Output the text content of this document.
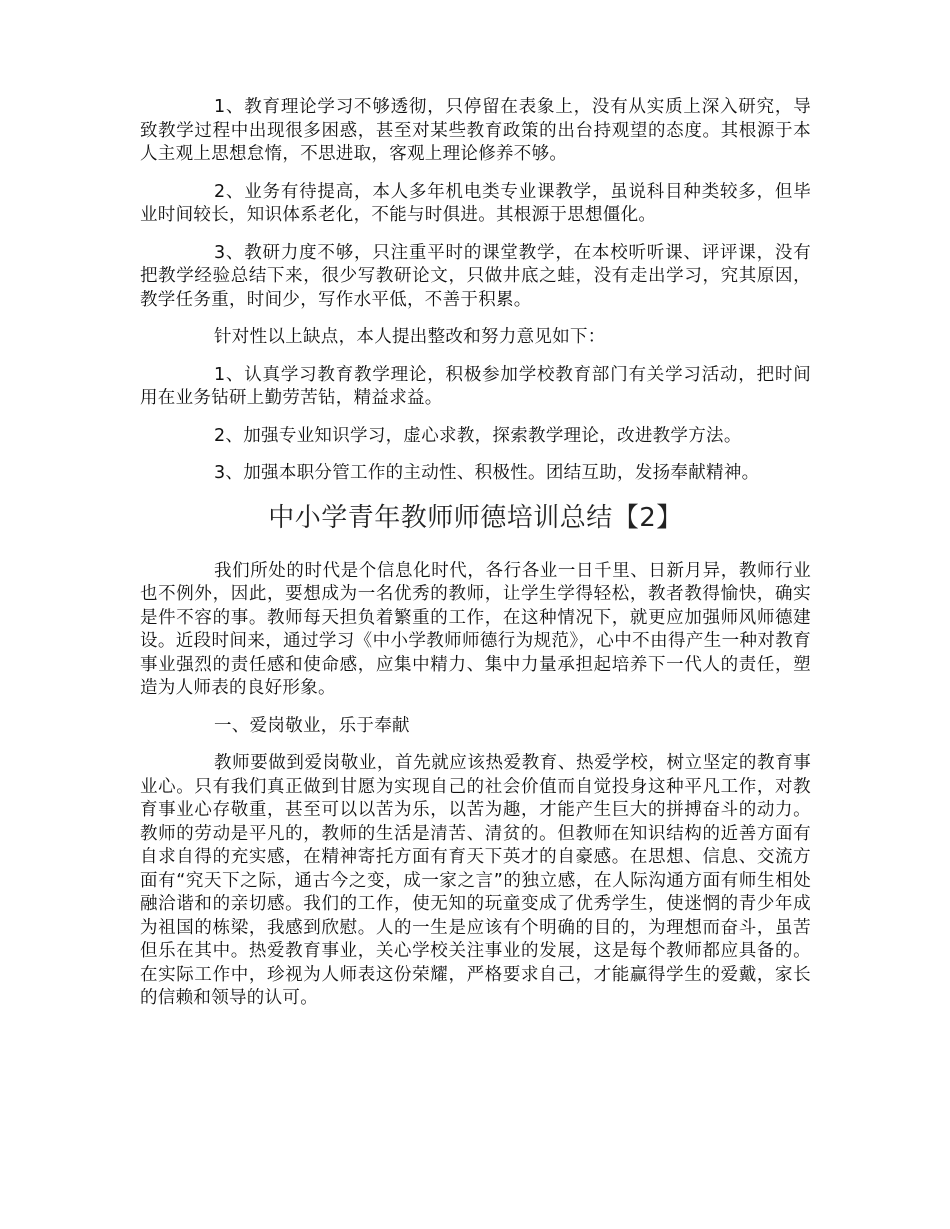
1、教育理论学习不够透彻，只停留在表象上，没有从实质上深入研究，导致教学过程中出现很多困惑，甚至对某些教育政策的出台持观望的态度。其根源于本人主观上思想怠惰，不思进取，客观上理论修养不够。

2、业务有待提高，本人多年机电类专业课教学，虽说科目种类较多，但毕业时间较长，知识体系老化，不能与时俱进。其根源于思想僵化。

3、教研力度不够，只注重平时的课堂教学，在本校听听课、评评课，没有把教学经验总结下来，很少写教研论文，只做井底之蛙，没有走出学习，究其原因，教学任务重，时间少，写作水平低，不善于积累。

针对性以上缺点，本人提出整改和努力意见如下：

1、认真学习教育教学理论，积极参加学校教育部门有关学习活动，把时间用在业务钻研上勤劳苦钻，精益求益。

2、加强专业知识学习，虚心求教，探索教学理论，改进教学方法。

3、加强本职分管工作的主动性、积极性。团结互助，发扬奉献精神。

中小学青年教师师德培训总结【2】

我们所处的时代是个信息化时代，各行各业一日千里、日新月异，教师行业也不例外，因此，要想成为一名优秀的教师，让学生学得轻松，教者教得愉快，确实是件不容的事。教师每天担负着繁重的工作，在这种情况下，就更应加强师风师德建设。近段时间来，通过学习《中小学教师师德行为规范》，心中不由得产生一种对教育事业强烈的责任感和使命感，应集中精力、集中力量承担起培养下一代人的责任，塑造为人师表的良好形象。

一、爱岗敬业，乐于奉献

教师要做到爱岗敬业，首先就应该热爱教育、热爱学校，树立坚定的教育事业心。只有我们真正做到甘愿为实现自己的社会价值而自觉投身这种平凡工作，对教育事业心存敬重，甚至可以以苦为乐，以苦为趣，才能产生巨大的拼搏奋斗的动力。教师的劳动是平凡的，教师的生活是清苦、清贫的。但教师在知识结构的近善方面有自求自得的充实感，在精神寄托方面有育天下英才的自豪感。在思想、信息、交流方面有“究天下之际，通古今之变，成一家之言”的独立感，在人际沟通方面有师生相处融洽谐和的亲切感。我们的工作，使无知的玩童变成了优秀学生，使迷惘的青少年成为祖国的栋梁，我感到欣慰。人的一生是应该有个明确的目的，为理想而奋斗，虽苦但乐在其中。热爱教育事业，关心学校关注事业的发展，这是每个教师都应具备的。在实际工作中，珍视为人师表这份荣耀，严格要求自己，才能赢得学生的爱戴，家长的信赖和领导的认可。
